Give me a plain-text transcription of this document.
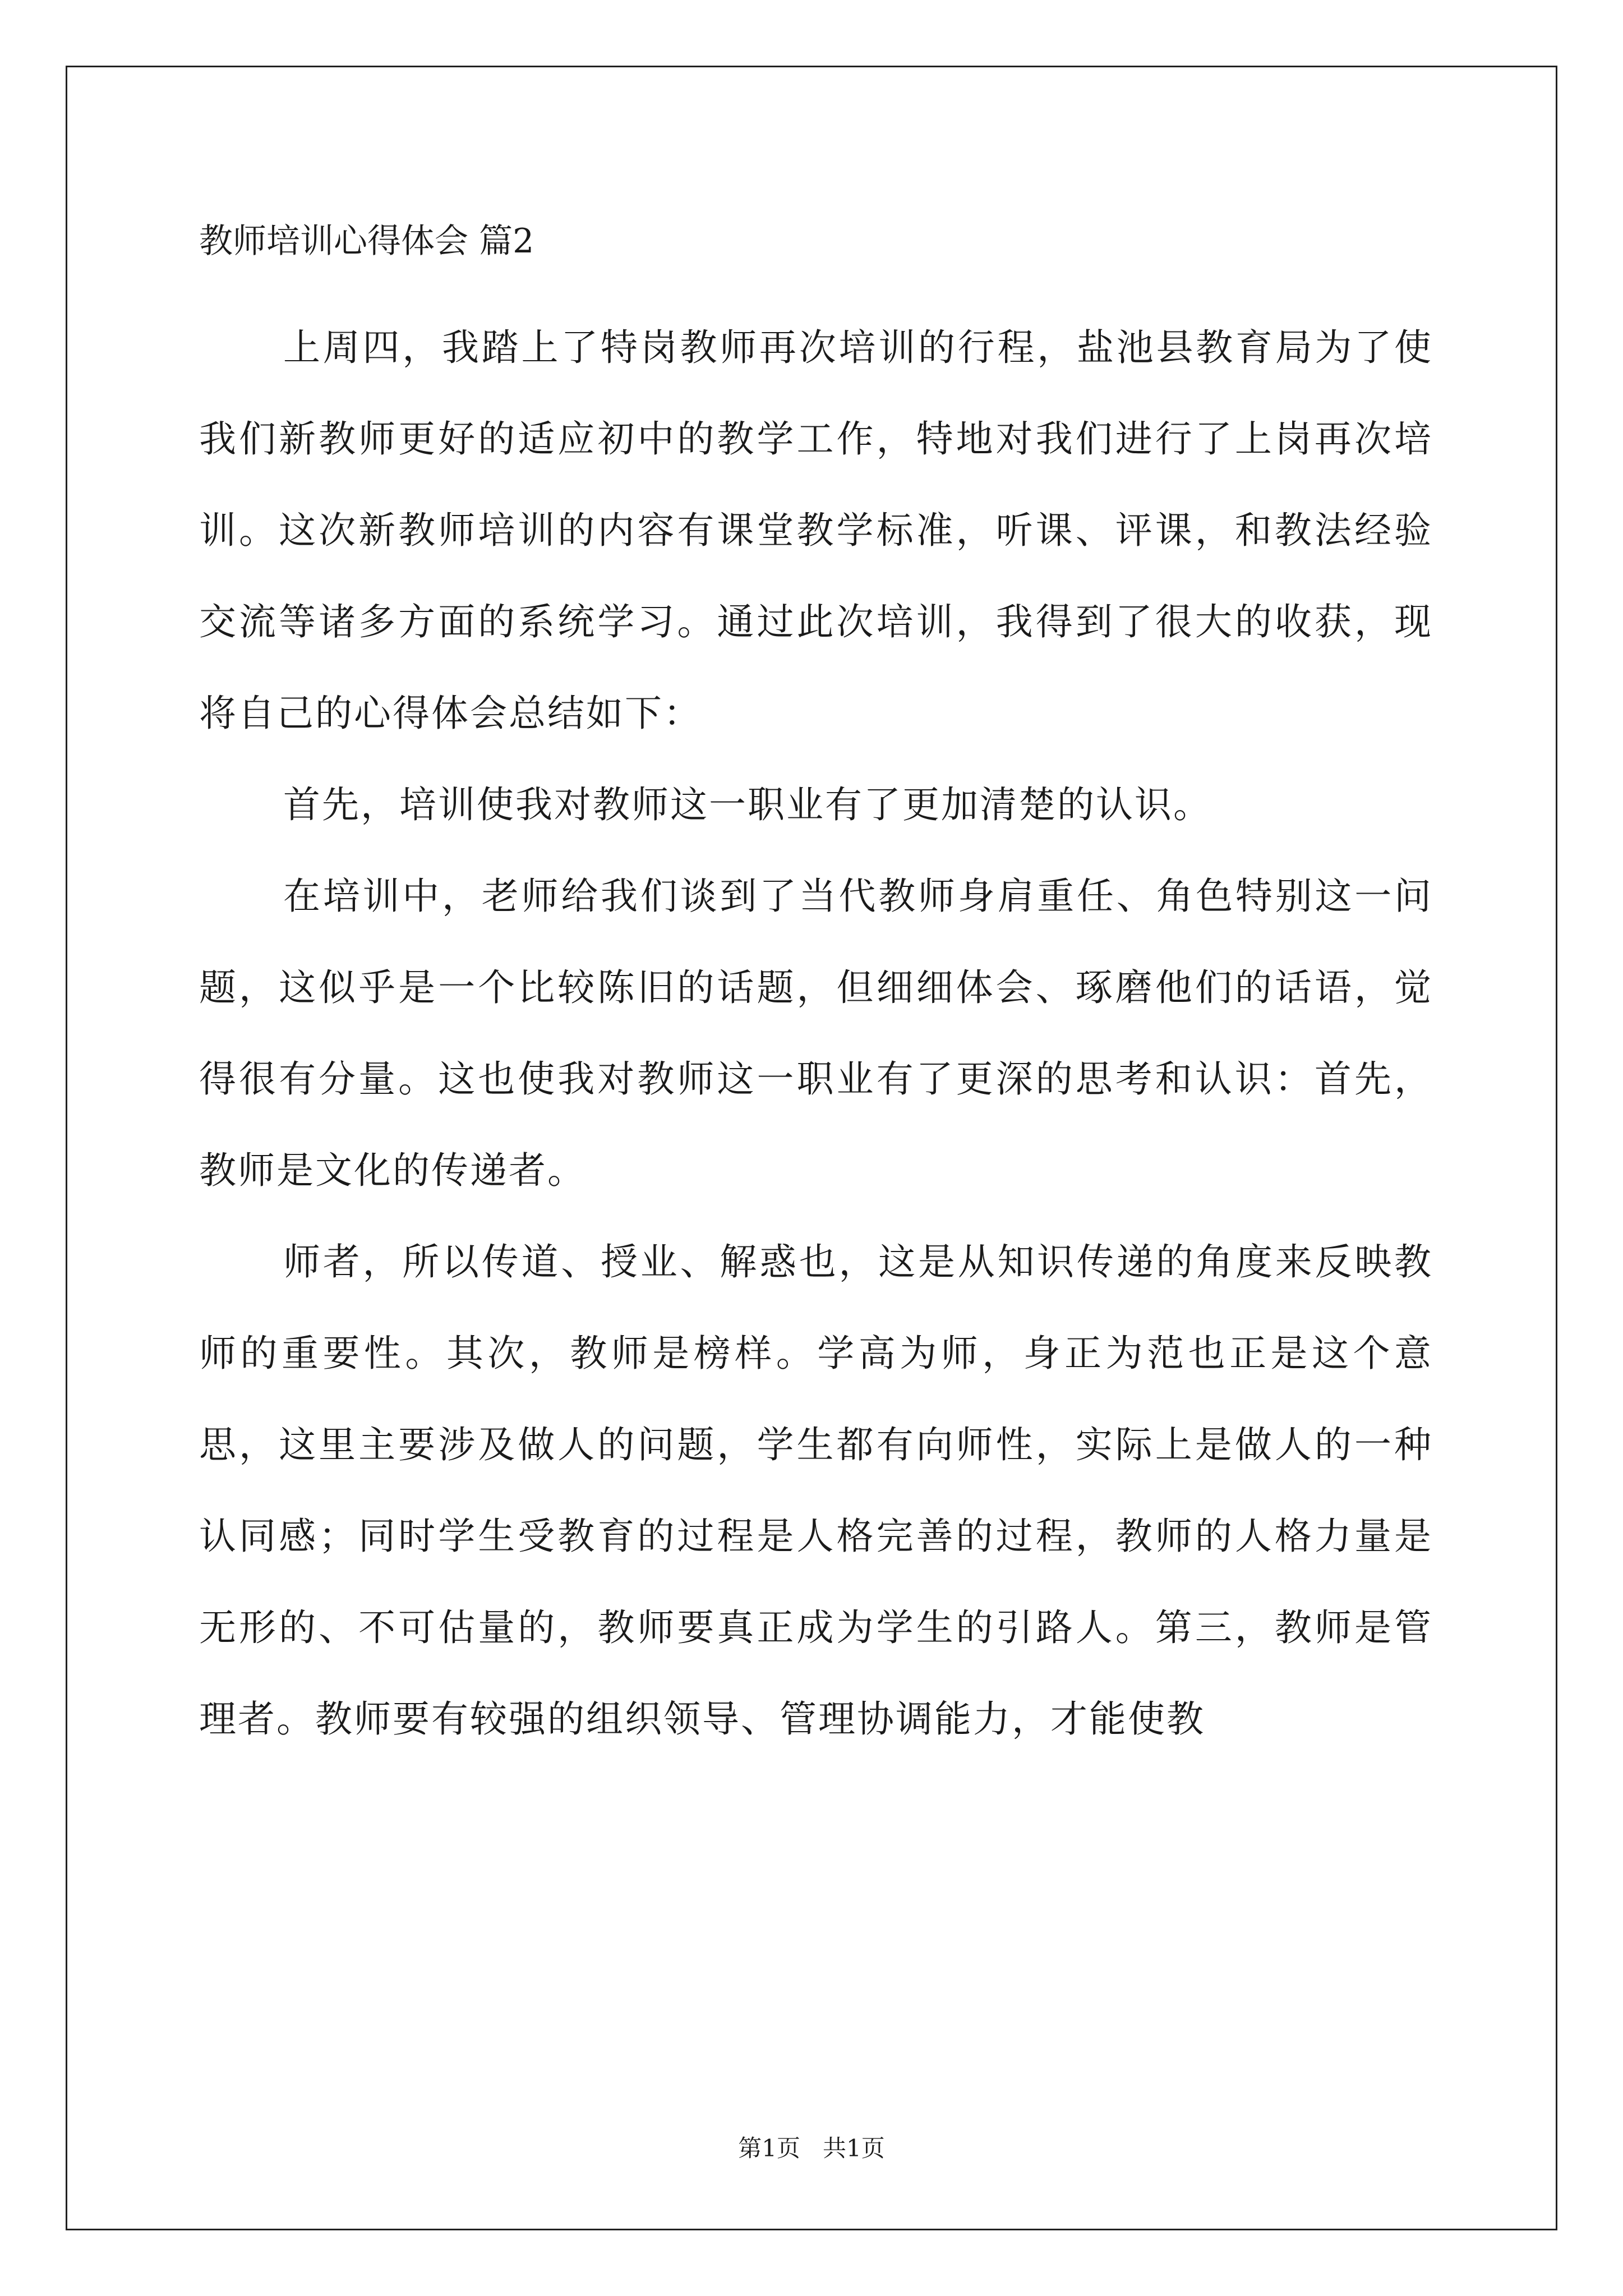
教师培训心得体会 篇2

上周四，我踏上了特岗教师再次培训的行程，盐池县教育局为了使我们新教师更好的适应初中的教学工作，特地对我们进行了上岗再次培训。这次新教师培训的内容有课堂教学标准，听课、评课，和教法经验交流等诸多方面的系统学习。通过此次培训，我得到了很大的收获，现将自己的心得体会总结如下：

首先，培训使我对教师这一职业有了更加清楚的认识。

在培训中，老师给我们谈到了当代教师身肩重任、角色特别这一问题，这似乎是一个比较陈旧的话题，但细细体会、琢磨他们的话语，觉得很有分量。这也使我对教师这一职业有了更深的思考和认识：首先，教师是文化的传递者。

师者，所以传道、授业、解惑也，这是从知识传递的角度来反映教师的重要性。其次，教师是榜样。学高为师，身正为范也正是这个意思，这里主要涉及做人的问题，学生都有向师性，实际上是做人的一种认同感；同时学生受教育的过程是人格完善的过程，教师的人格力量是无形的、不可估量的，教师要真正成为学生的引路人。第三，教师是管理者。教师要有较强的组织领导、管理协调能力，才能使教

第1页   共1页
